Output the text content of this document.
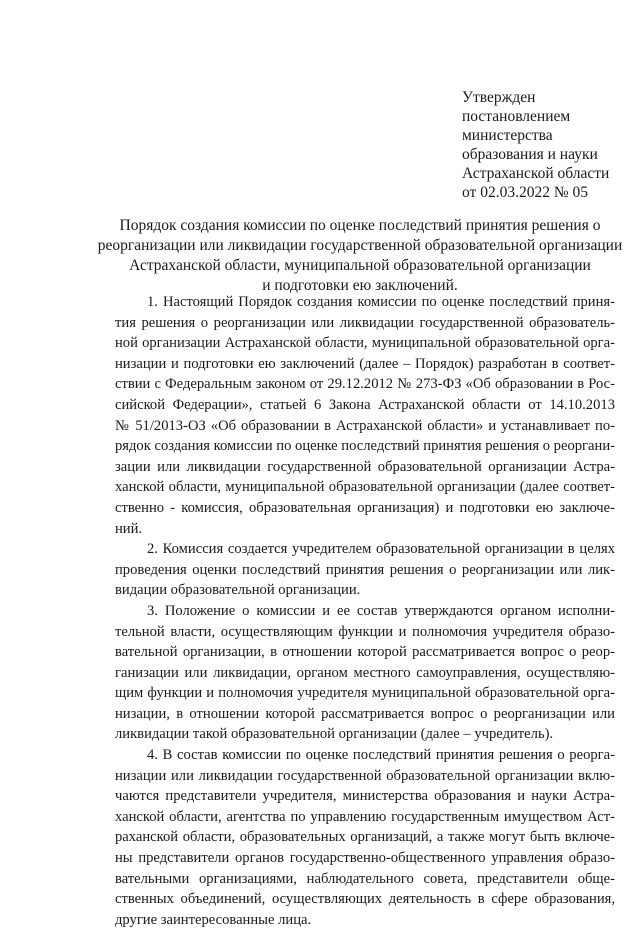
Утвержден
постановлением
министерства
образования и науки
Астраханской области
от 02.03.2022 № 05
Порядок создания комиссии по оценке последствий принятия решения о
реорганизации или ликвидации государственной образовательной организации
Астраханской области, муниципальной образовательной организации
и подготовки ею заключений.
1. Настоящий Порядок создания комиссии по оценке последствий приня-
тия решения о реорганизации или ликвидации государственной образователь-
ной организации Астраханской области, муниципальной образовательной орга-
низации и подготовки ею заключений (далее – Порядок) разработан в соответ-
ствии с Федеральным законом от 29.12.2012 № 273-ФЗ «Об образовании в Рос-
сийской Федерации», статьей 6 Закона Астраханской области от 14.10.2013
№ 51/2013-ОЗ «Об образовании в Астраханской области» и устанавливает по-
рядок создания комиссии по оценке последствий принятия решения о реоргани-
зации или ликвидации государственной образовательной организации Астра-
ханской области, муниципальной образовательной организации (далее соответ-
ственно - комиссия, образовательная организация) и подготовки ею заключе-
ний.
2. Комиссия создается учредителем образовательной организации в целях
проведения оценки последствий принятия решения о реорганизации или лик-
видации образовательной организации.
3. Положение о комиссии и ее состав утверждаются органом исполни-
тельной власти, осуществляющим функции и полномочия учредителя образо-
вательной организации, в отношении которой рассматривается вопрос о реор-
ганизации или ликвидации, органом местного самоуправления, осуществляю-
щим функции и полномочия учредителя муниципальной образовательной орга-
низации, в отношении которой рассматривается вопрос о реорганизации или
ликвидации такой образовательной организации (далее – учредитель).
4. В состав комиссии по оценке последствий принятия решения о реорга-
низации или ликвидации государственной образовательной организации вклю-
чаются представители учредителя, министерства образования и науки Астра-
ханской области, агентства по управлению государственным имуществом Аст-
раханской области, образовательных организаций, а также могут быть включе-
ны представители органов государственно-общественного управления образо-
вательными организациями, наблюдательного совета, представители обще-
ственных объединений, осуществляющих деятельность в сфере образования,
другие заинтересованные лица.
